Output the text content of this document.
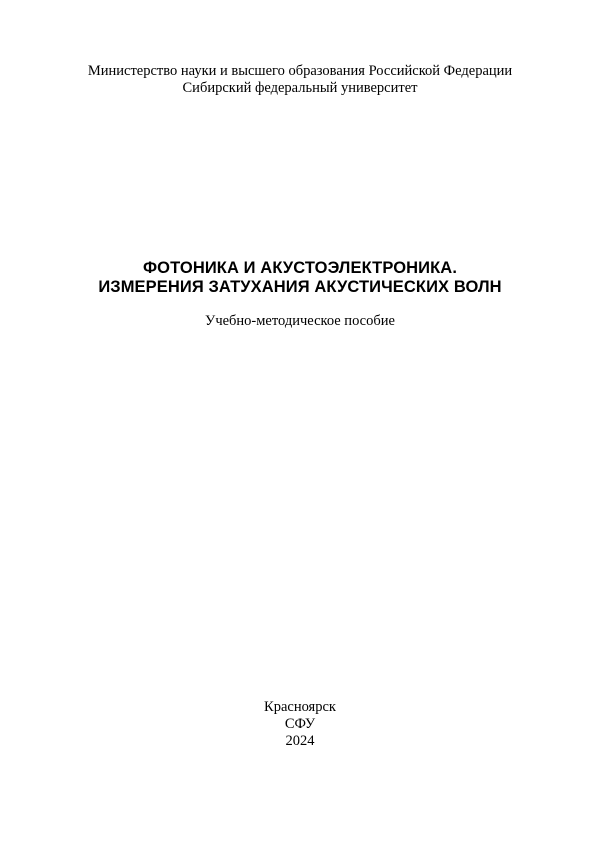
Министерство науки и высшего образования Российской Федерации
Сибирский федеральный университет
ФОТОНИКА И АКУСТОЭЛЕКТРОНИКА.
ИЗМЕРЕНИЯ ЗАТУХАНИЯ АКУСТИЧЕСКИХ ВОЛН
Учебно-методическое пособие
Красноярск
СФУ
2024
